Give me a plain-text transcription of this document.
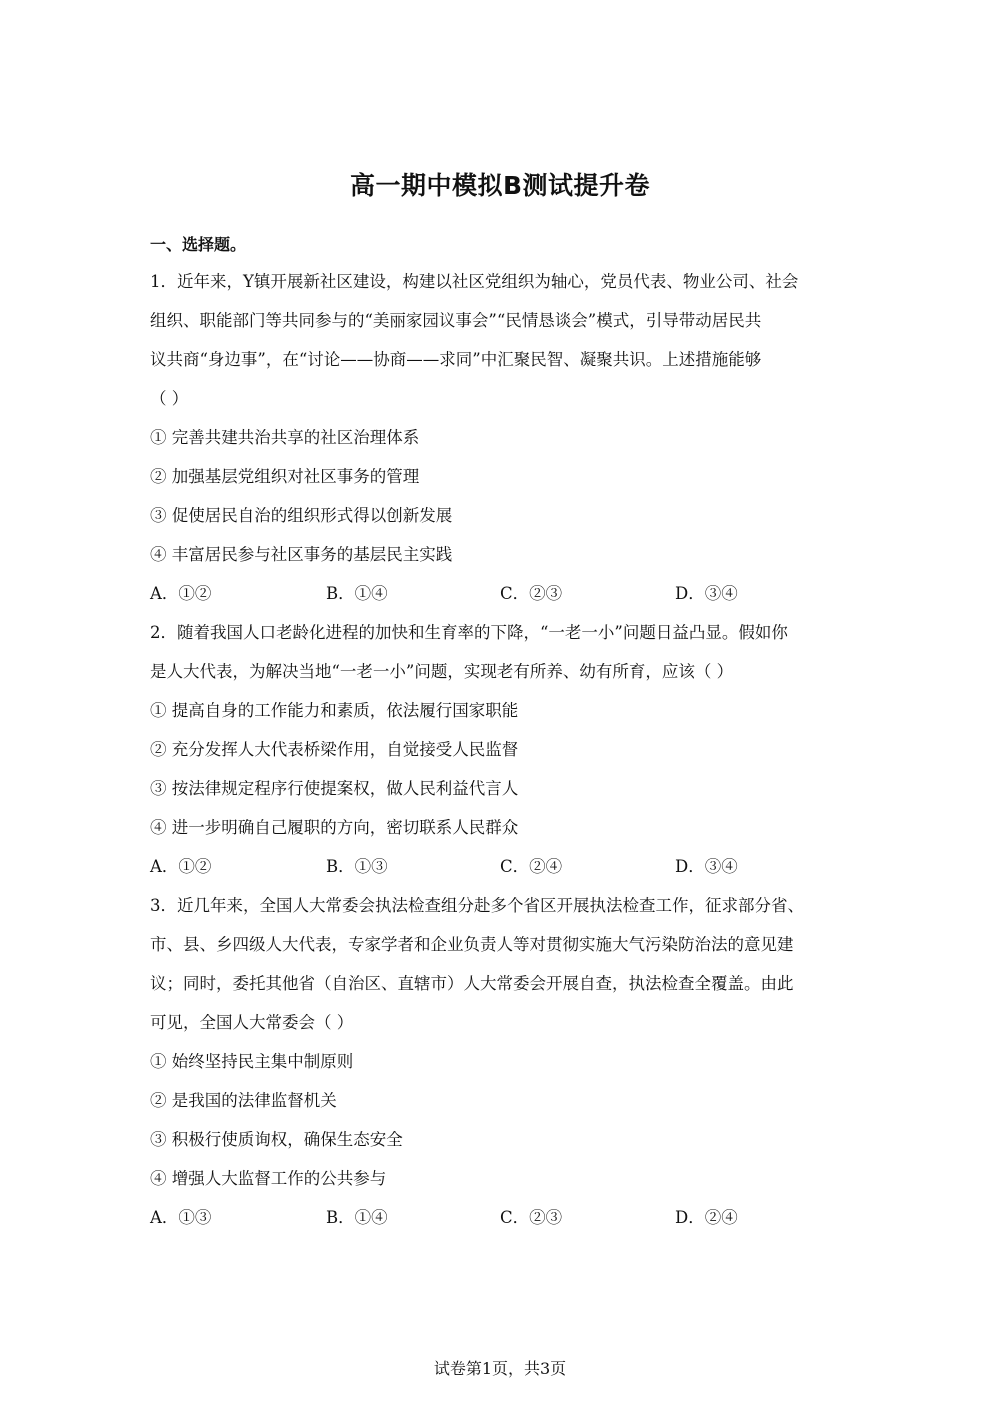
高一期中模拟B测试提升卷
一、选择题。
1．近年来，Y镇开展新社区建设，构建以社区党组织为轴心，党员代表、物业公司、社会
组织、职能部门等共同参与的“美丽家园议事会”“民情恳谈会”模式，引导带动居民共
议共商“身边事”，在“讨论——协商——求同”中汇聚民智、凝聚共识。上述措施能够
（ ）
① 完善共建共治共享的社区治理体系
② 加强基层党组织对社区事务的管理
③ 促使居民自治的组织形式得以创新发展
④ 丰富居民参与社区事务的基层民主实践
A．①②	B．①④	C．②③	D．③④
2．随着我国人口老龄化进程的加快和生育率的下降，“一老一小”问题日益凸显。假如你
是人大代表，为解决当地“一老一小”问题，实现老有所养、幼有所育，应该（ ）
① 提高自身的工作能力和素质，依法履行国家职能
② 充分发挥人大代表桥梁作用，自觉接受人民监督
③ 按法律规定程序行使提案权，做人民利益代言人
④ 进一步明确自己履职的方向，密切联系人民群众
A．①②	B．①③	C．②④	D．③④
3．近几年来，全国人大常委会执法检查组分赴多个省区开展执法检查工作，征求部分省、
市、县、乡四级人大代表，专家学者和企业负责人等对贯彻实施大气污染防治法的意见建
议；同时，委托其他省（自治区、直辖市）人大常委会开展自查，执法检查全覆盖。由此
可见，全国人大常委会（ ）
① 始终坚持民主集中制原则
② 是我国的法律监督机关
③ 积极行使质询权，确保生态安全
④ 增强人大监督工作的公共参与
A．①③	B．①④	C．②③	D．②④
试卷第1页，共3页
